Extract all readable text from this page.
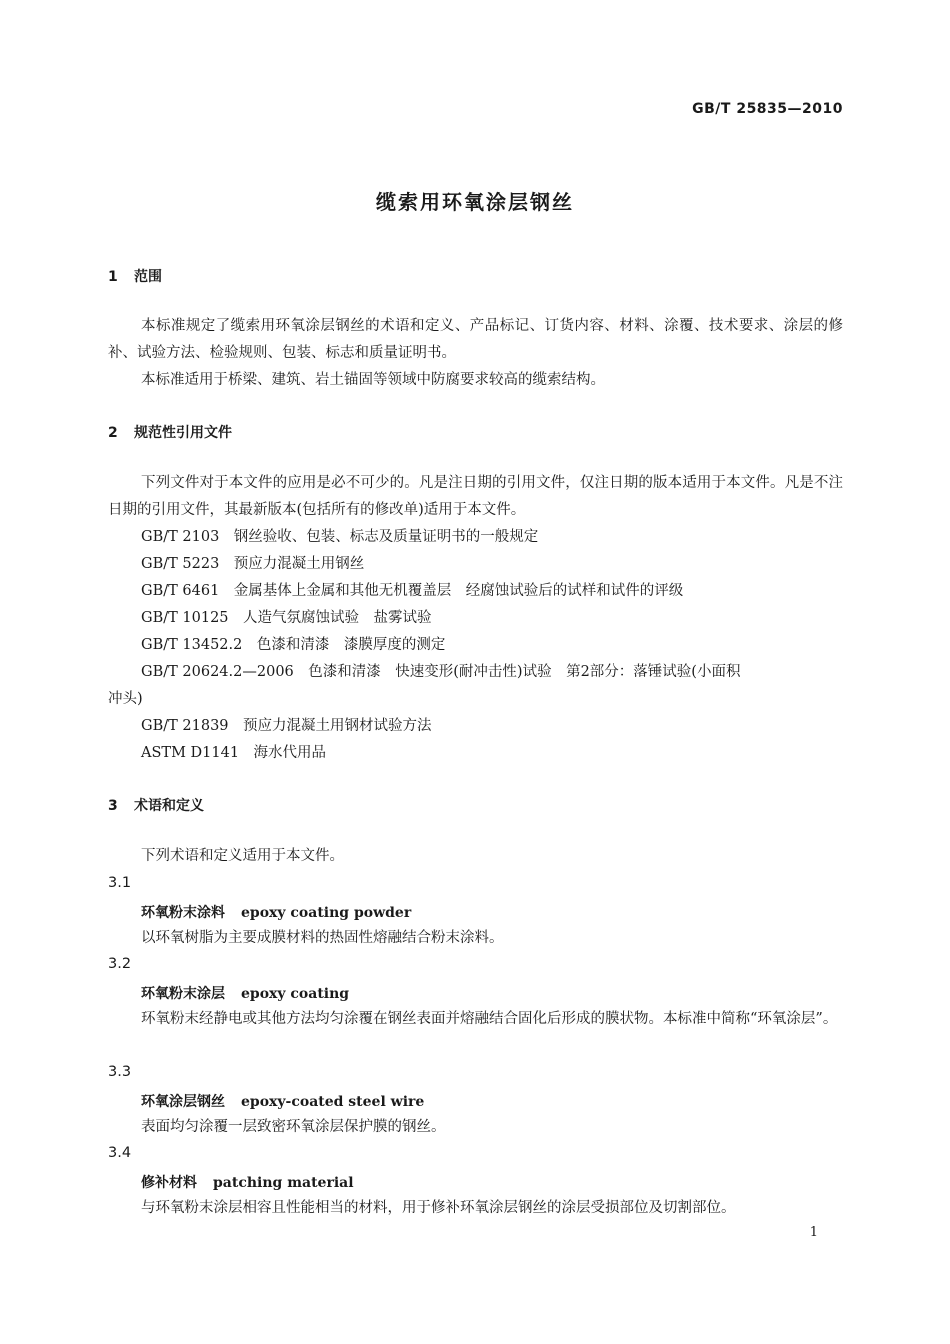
GB/T 25835—2010
缆索用环氧涂层钢丝
1 范围

本标准规定了缆索用环氧涂层钢丝的术语和定义、产品标记、订货内容、材料、涂覆、技术要求、涂层的修补、试验方法、检验规则、包装、标志和质量证明书。

本标准适用于桥梁、建筑、岩土锚固等领域中防腐要求较高的缆索结构。

2 规范性引用文件

下列文件对于本文件的应用是必不可少的。凡是注日期的引用文件，仅注日期的版本适用于本文件。凡是不注日期的引用文件，其最新版本(包括所有的修改单)适用于本文件。

GB/T 2103　钢丝验收、包装、标志及质量证明书的一般规定
GB/T 5223　预应力混凝土用钢丝
GB/T 6461　金属基体上金属和其他无机覆盖层　经腐蚀试验后的试样和试件的评级
GB/T 10125　人造气氛腐蚀试验　盐雾试验
GB/T 13452.2　色漆和清漆　漆膜厚度的测定
GB/T 20624.2—2006　色漆和清漆　快速变形(耐冲击性)试验　第2部分：落锤试验(小面积
冲头)
GB/T 21839　预应力混凝土用钢材试验方法
ASTM D1141　海水代用品
3 术语和定义
下列术语和定义适用于本文件。
3.1
环氧粉末涂料 epoxy coating powder
以环氧树脂为主要成膜材料的热固性熔融结合粉末涂料。
3.2
环氧粉末涂层 epoxy coating

环氧粉末经静电或其他方法均匀涂覆在钢丝表面并熔融结合固化后形成的膜状物。本标准中简称“环氧涂层”。

3.3
环氧涂层钢丝 epoxy-coated steel wire
表面均匀涂覆一层致密环氧涂层保护膜的钢丝。
3.4
修补材料 patching material
与环氧粉末涂层相容且性能相当的材料，用于修补环氧涂层钢丝的涂层受损部位及切割部位。
1
